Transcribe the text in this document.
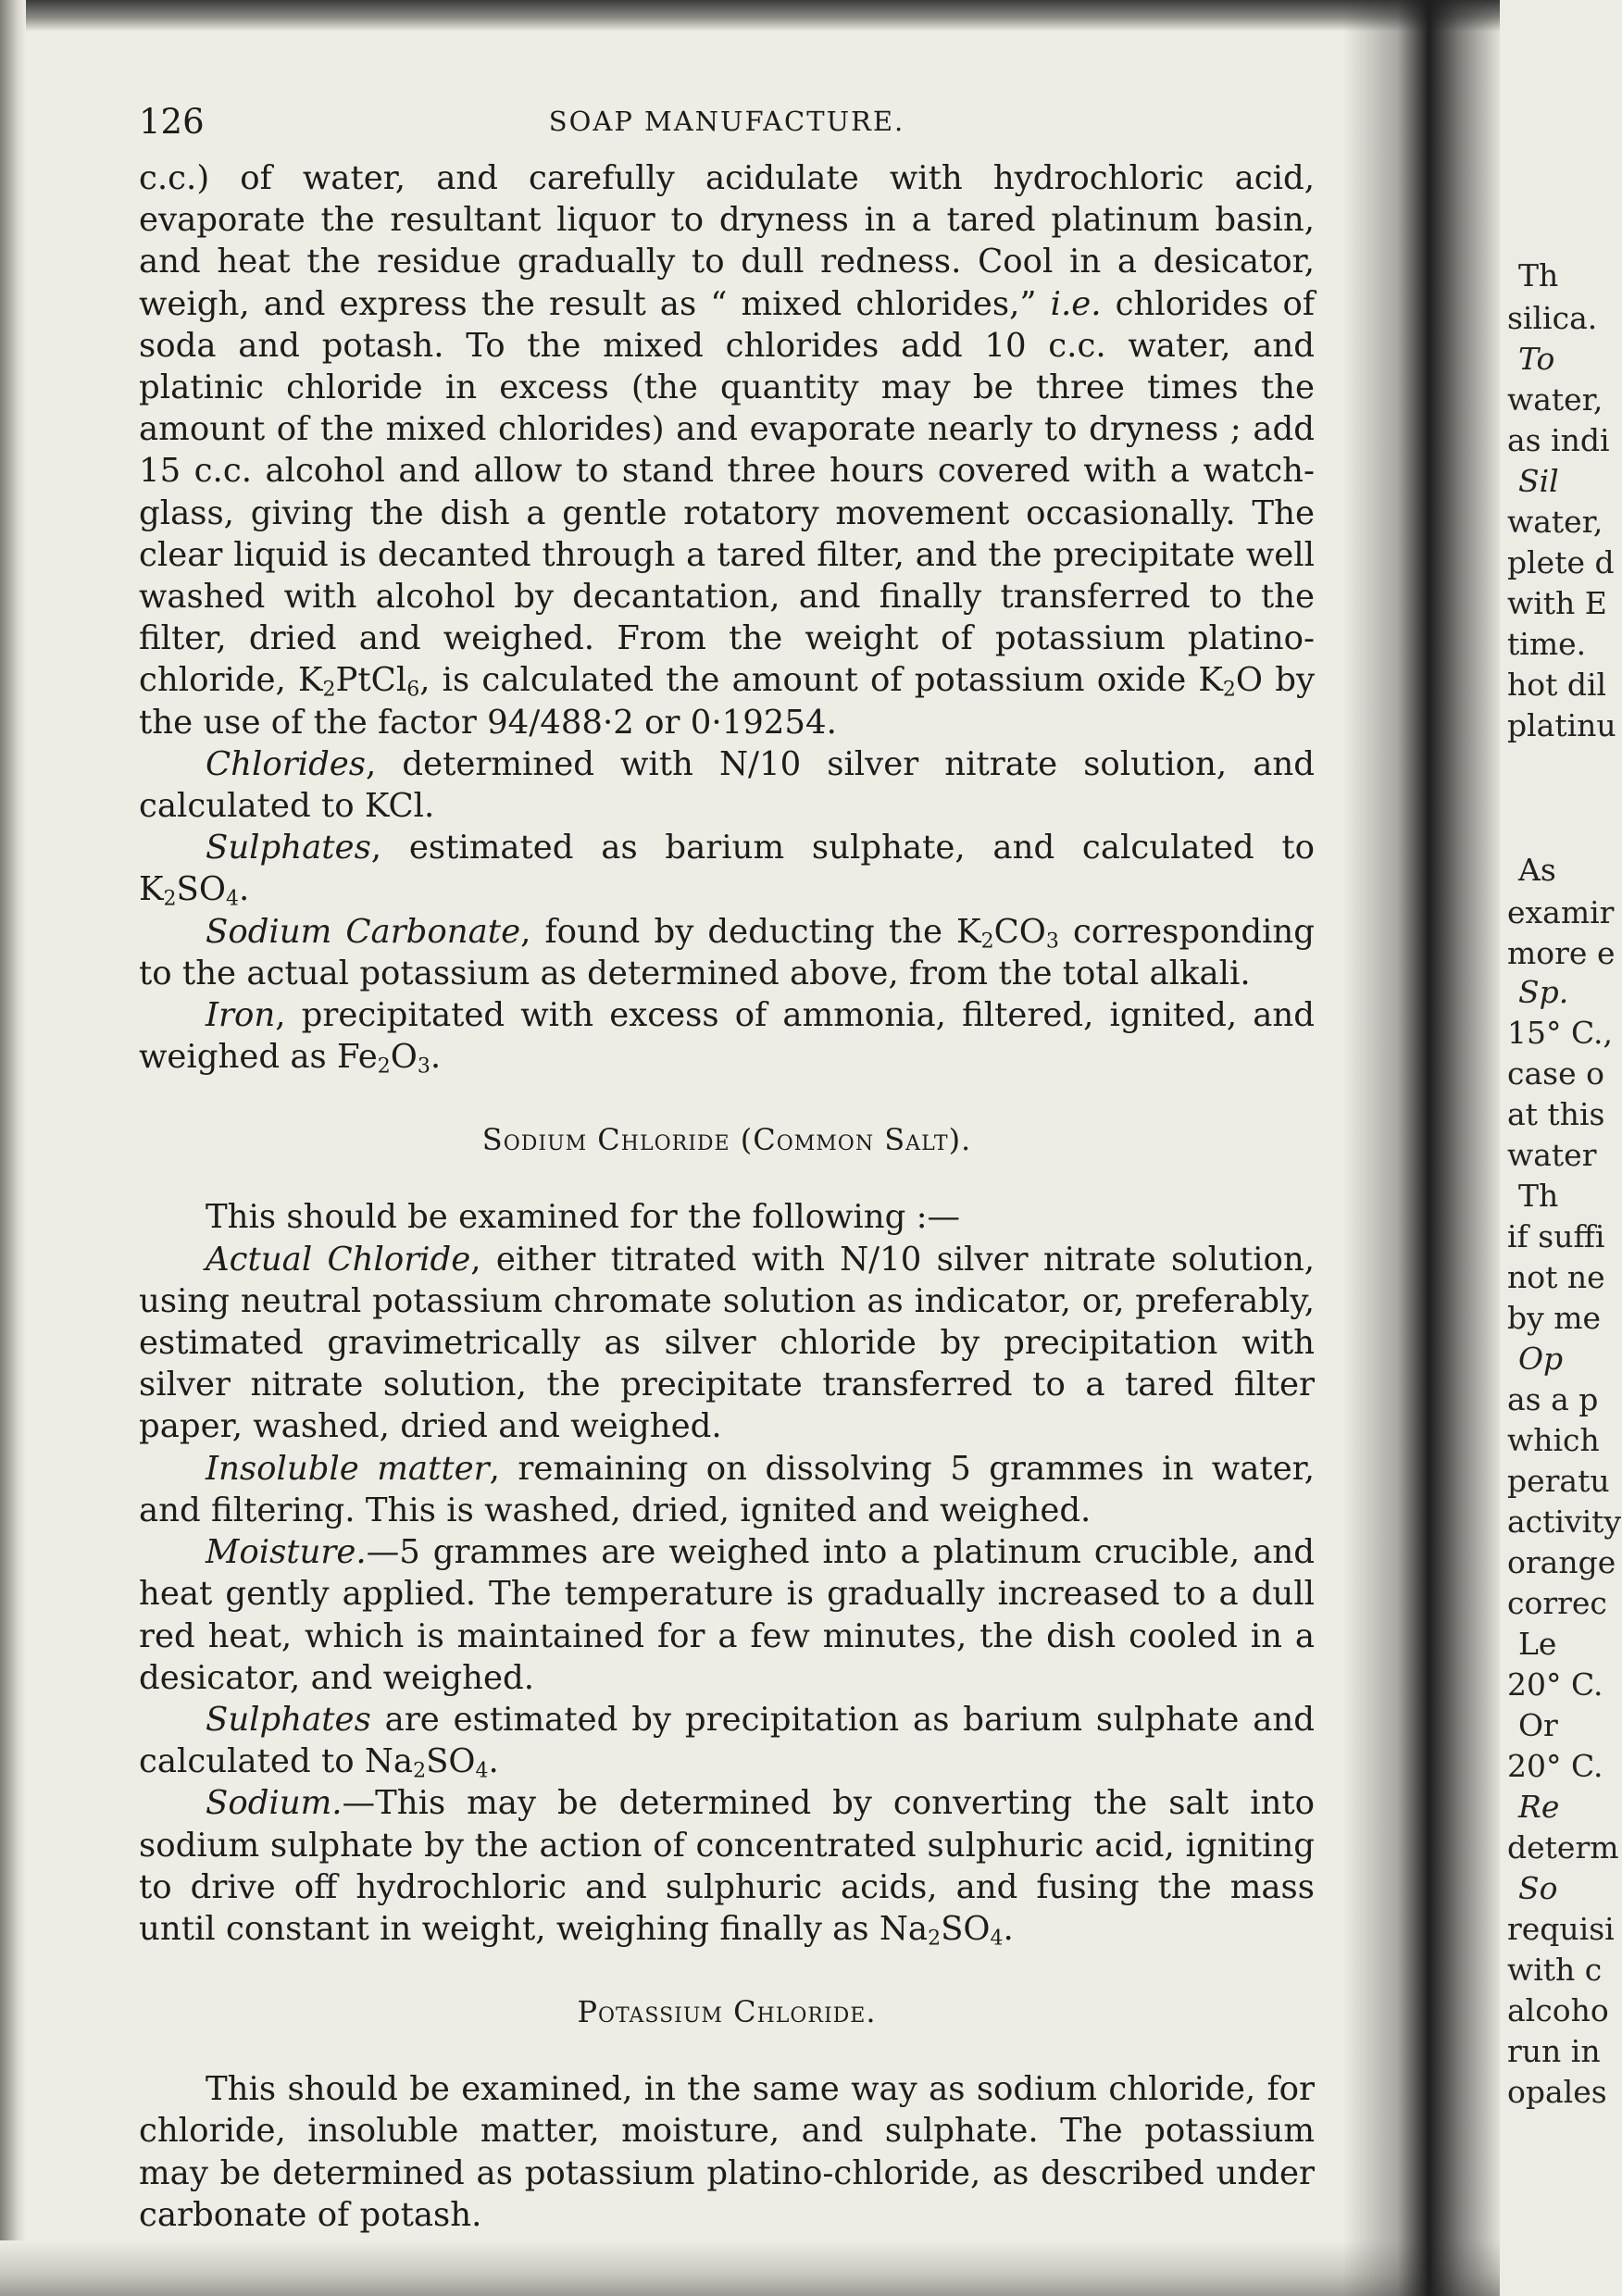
Th
silica.
To
water,
as indi
Sil
water,
plete d
with E
time.
hot dil
platinu
As
examir
more e
Sp.
15° C.,
case o
at this
water
Th
if suffi
not ne
by me
Op
as a p
which
peratu
activity
orange
correc
Le
20° C.
Or
20° C.
Re
determ
So
requisi
with c
alcoho
run in
opales
126	SOAP MANUFACTURE.

c.c.) of water, and carefully acidulate with hydrochloric acid, evaporate the resultant liquor to dryness in a tared platinum basin, and heat the residue gradually to dull redness. Cool in a desicator, weigh, and express the result as “ mixed chlorides,” i.e. chlorides of soda and potash. To the mixed chlorides add 10 c.c. water, and platinic chloride in excess (the quantity may be three times the amount of the mixed chlorides) and evaporate nearly to dryness ; add 15 c.c. alcohol and allow to stand three hours covered with a watch-glass, giving the dish a gentle rotatory movement occasionally. The clear liquid is decanted through a tared filter, and the precipitate well washed with alcohol by decantation, and finally transferred to the filter, dried and weighed. From the weight of potassium platino-chloride, $K_2PtCl_6$, is calculated the amount of potassium oxide $K_2O$ by the use of the factor 94/488·2 or 0·19254.

Chlorides, determined with N/10 silver nitrate solution, and calculated to KCl.

Sulphates, estimated as barium sulphate, and calculated to $K_2SO_4$.

Sodium Carbonate, found by deducting the $K_2CO_3$ corresponding to the actual potassium as determined above, from the total alkali.

Iron, precipitated with excess of ammonia, filtered, ignited, and weighed as $Fe_2O_3$.

Sodium Chloride (Common Salt).

This should be examined for the following :—

Actual Chloride, either titrated with N/10 silver nitrate solution, using neutral potassium chromate solution as indicator, or, preferably, estimated gravimetrically as silver chloride by precipitation with silver nitrate solution, the precipitate transferred to a tared filter paper, washed, dried and weighed.

Insoluble matter, remaining on dissolving 5 grammes in water, and filtering. This is washed, dried, ignited and weighed.

Moisture.—5 grammes are weighed into a platinum crucible, and heat gently applied. The temperature is gradually increased to a dull red heat, which is maintained for a few minutes, the dish cooled in a desicator, and weighed.

Sulphates are estimated by precipitation as barium sulphate and calculated to $Na_2SO_4$.

Sodium.—This may be determined by converting the salt into sodium sulphate by the action of concentrated sulphuric acid, igniting to drive off hydrochloric and sulphuric acids, and fusing the mass until constant in weight, weighing finally as $Na_2SO_4$.

Potassium Chloride.

This should be examined, in the same way as sodium chloride, for chloride, insoluble matter, moisture, and sulphate. The potassium may be determined as potassium platino-chloride, as described under carbonate of potash.
